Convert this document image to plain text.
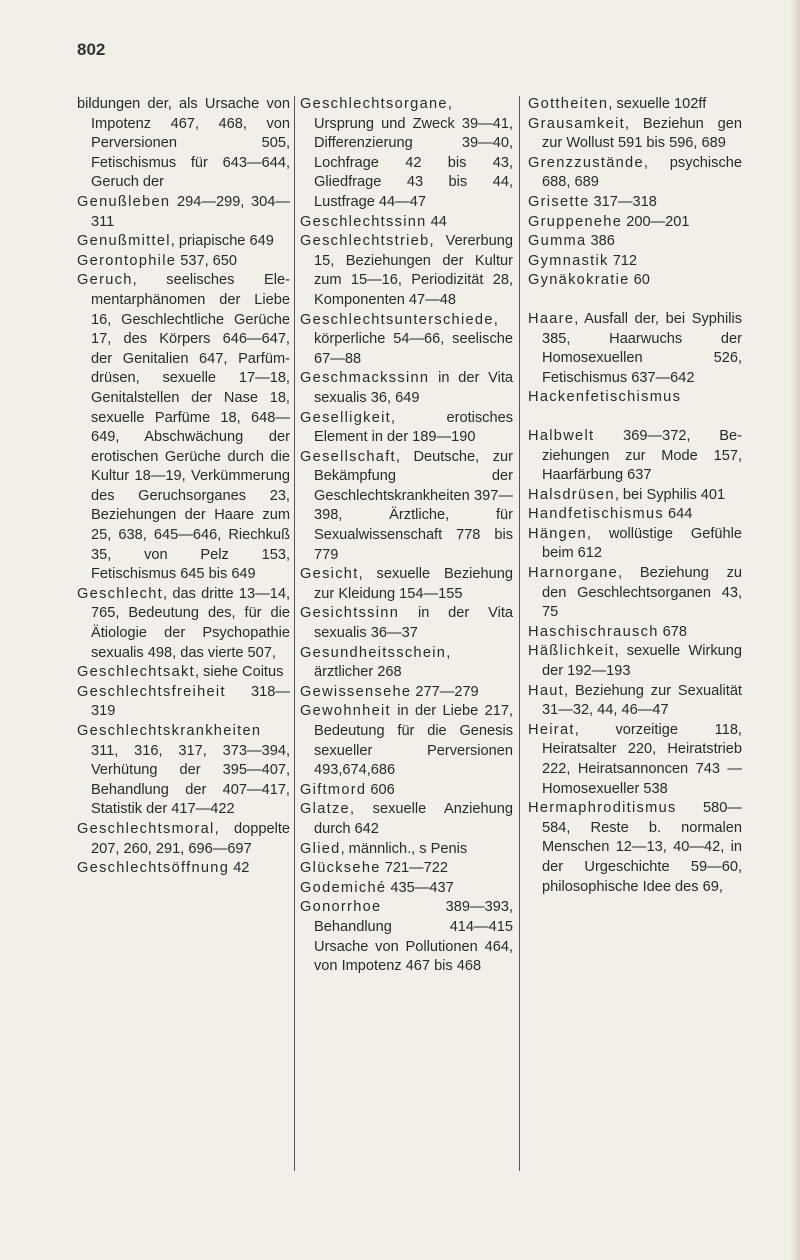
802

bildungen der, als Ursache von Impotenz 467, 468, von Perversionen 505, Fetischismus für 643—644, Geruch der

Genußleben 294—299, 304—311

Genußmittel, priapische 649

Gerontophile 537, 650

Geruch, seelisches Elementarphänomen der Liebe 16, Geschlechtliche Gerüche 17, des Körpers 646—647, der Genitalien 647, Parfümdrüsen, sexuelle 17—18, Genitalstellen der Nase 18, sexuelle Parfüme 18, 648—649, Abschwächung der erotischen Gerüche durch die Kultur 18—19, Verkümmerung des Geruchsorganes 23, Beziehungen der Haare zum 25, 638, 645—646, Riechkuß 35, von Pelz 153, Fetischismus 645 bis 649

Geschlecht, das dritte 13—14, 765, Bedeutung des, für die Ätiologie der Psychopathie sexualis 498, das vierte 507,

Geschlechtsakt, siehe Coitus

Geschlechtsfreiheit 318—319

Geschlechtskrankheiten 311, 316, 317, 373—394, Verhütung der 395—407, Behandlung der 407—417, Statistik der 417—422

Geschlechtsmoral, doppelte 207, 260, 291, 696—697

Geschlechtsöffnung 42

Geschlechtsorgane, Ursprung und Zweck 39—41, Differenzierung 39—40, Lochfrage 42 bis 43, Gliedfrage 43 bis 44, Lustfrage 44—47

Geschlechtssinn 44

Geschlechtstrieb, Vererbung 15, Beziehungen der Kultur zum 15—16, Periodizität 28, Komponenten 47—48

Geschlechtsunterschiede, körperliche 54—66, seelische 67—88

Geschmackssinn in der Vita sexualis 36, 649

Geselligkeit, erotisches Element in der 189—190

Gesellschaft, Deutsche, zur Bekämpfung der Geschlechtskrankheiten 397—398, Ärztliche, für Sexualwissenschaft 778 bis 779

Gesicht, sexuelle Beziehung zur Kleidung 154—155

Gesichtssinn in der Vita sexualis 36—37

Gesundheitsschein, ärztlicher 268

Gewissensehe 277—279

Gewohnheit in der Liebe 217, Bedeutung für die Genesis sexueller Perversionen 493,674,686

Giftmord 606

Glatze, sexuelle Anziehung durch 642

Glied, männlich., s Penis

Glücksehe 721—722

Godemiché 435—437

Gonorrhoe 389—393, Behandlung 414—415 Ursache von Pollutionen 464, von Impotenz 467 bis 468

Gottheiten, sexuelle 102ff

Grausamkeit, Beziehun gen zur Wollust 591 bis 596, 689

Grenzzustände, psychische 688, 689

Grisette 317—318

Gruppenehe 200—201

Gumma 386

Gymnastik 712

Gynäkokratie 60

Haare, Ausfall der, bei Syphilis 385, Haarwuchs der Homosexuellen 526, Fetischismus 637—642

Hackenfetischismus

Halbwelt 369—372, Beziehungen zur Mode 157, Haarfärbung 637

Halsdrüsen, bei Syphilis 401

Handfetischismus 644

Hängen, wollüstige Gefühle beim 612

Harnorgane, Beziehung zu den Geschlechtsorganen 43, 75

Haschischrausch 678

Häßlichkeit, sexuelle Wirkung der 192—193

Haut, Beziehung zur Sexualität 31—32, 44, 46—47

Heirat, vorzeitige 118, Heiratsalter 220, Heiratstrieb 222, Heiratsannoncen 743 — Homosexueller 538

Hermaphroditismus 580—584, Reste b. normalen Menschen 12—13, 40—42, in der Urgeschichte 59—60, philosophische Idee des 69,
